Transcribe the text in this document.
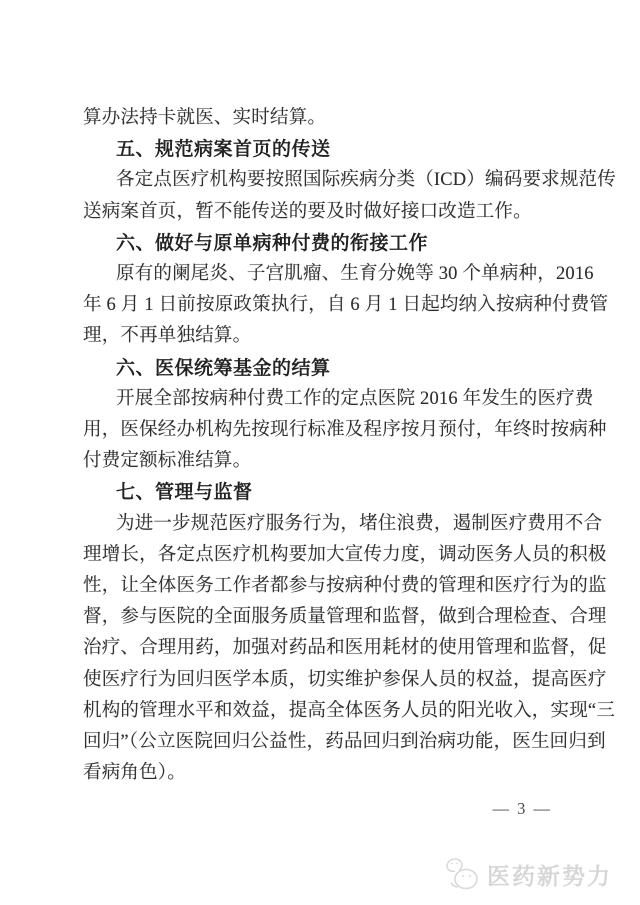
算办法持卡就医、实时结算。
五、规范病案首页的传送
各定点医疗机构要按照国际疾病分类（ICD）编码要求规范传
送病案首页，暂不能传送的要及时做好接口改造工作。
六、做好与原单病种付费的衔接工作
原有的阑尾炎、子宫肌瘤、生育分娩等 30 个单病种，2016
年 6 月 1 日前按原政策执行，自 6 月 1 日起均纳入按病种付费管
理，不再单独结算。
六、医保统筹基金的结算
开展全部按病种付费工作的定点医院 2016 年发生的医疗费
用，医保经办机构先按现行标准及程序按月预付，年终时按病种
付费定额标准结算。
七、管理与监督
为进一步规范医疗服务行为，堵住浪费，遏制医疗费用不合
理增长，各定点医疗机构要加大宣传力度，调动医务人员的积极
性，让全体医务工作者都参与按病种付费的管理和医疗行为的监
督，参与医院的全面服务质量管理和监督，做到合理检查、合理
治疗、合理用药，加强对药品和医用耗材的使用管理和监督，促
使医疗行为回归医学本质，切实维护参保人员的权益，提高医疗
机构的管理水平和效益，提高全体医务人员的阳光收入，实现“三
回归”（公立医院回归公益性，药品回归到治病功能，医生回归到
看病角色）。
— 3 —
医药新势力
